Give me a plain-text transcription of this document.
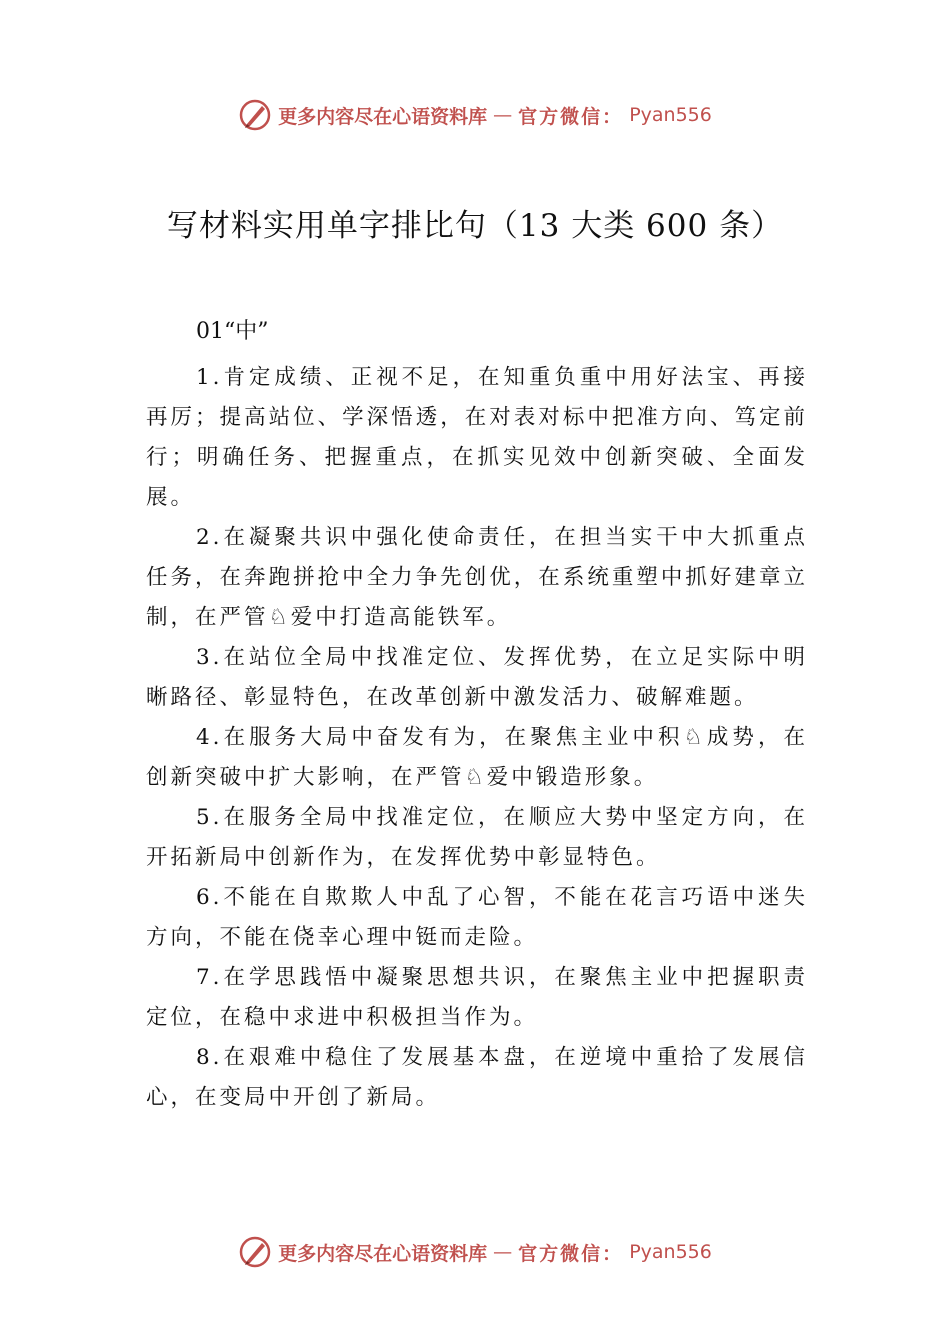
更多内容尽在心语资料库 — 官方微信： Pyan556
写材料实用单字排比句（13 大类 600 条）
01“中”

1.肯定成绩、正视不足，在知重负重中用好法宝、再接再厉；提高站位、学深悟透，在对表对标中把准方向、笃定前行；明确任务、把握重点，在抓实见效中创新突破、全面发展。

2.在凝聚共识中强化使命责任，在担当实干中大抓重点任务，在奔跑拼抢中全力争先创优，在系统重塑中抓好建章立制，在严管♘爱中打造高能铁军。

3.在站位全局中找准定位、发挥优势，在立足实际中明晰路径、彰显特色，在改革创新中激发活力、破解难题。

4.在服务大局中奋发有为，在聚焦主业中积♘成势，在创新突破中扩大影响，在严管♘爱中锻造形象。

5.在服务全局中找准定位，在顺应大势中坚定方向，在开拓新局中创新作为，在发挥优势中彰显特色。

6.不能在自欺欺人中乱了心智，不能在花言巧语中迷失方向，不能在侥幸心理中铤而走险。

7.在学思践悟中凝聚思想共识，在聚焦主业中把握职责定位，在稳中求进中积极担当作为。

8.在艰难中稳住了发展基本盘，在逆境中重拾了发展信心，在变局中开创了新局。

更多内容尽在心语资料库 — 官方微信： Pyan556
